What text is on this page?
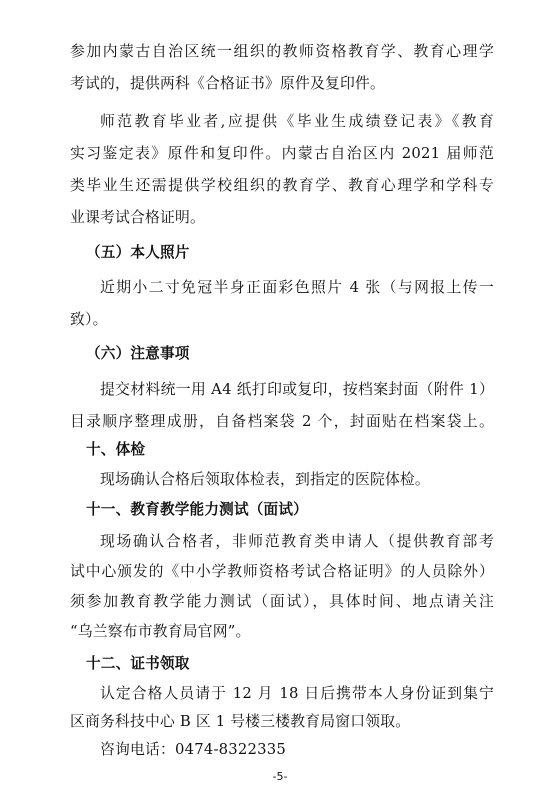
参加内蒙古自治区统一组织的教师资格教育学、教育心理学
考试的，提供两科《合格证书》原件及复印件。
师范教育毕业者,应提供《毕业生成绩登记表》《教育
实习鉴定表》原件和复印件。内蒙古自治区内 2021 届师范
类毕业生还需提供学校组织的教育学、教育心理学和学科专
业课考试合格证明。
（五）本人照片
近期小二寸免冠半身正面彩色照片 4 张（与网报上传一
致）。
（六）注意事项
提交材料统一用 A4 纸打印或复印，按档案封面（附件 1）
目录顺序整理成册，自备档案袋 2 个，封面贴在档案袋上。
十、体检
现场确认合格后领取体检表，到指定的医院体检。
十一、教育教学能力测试（面试）
现场确认合格者，非师范教育类申请人（提供教育部考
试中心颁发的《中小学教师资格考试合格证明》的人员除外）
须参加教育教学能力测试（面试），具体时间、地点请关注
“乌兰察布市教育局官网”。
十二、证书领取
认定合格人员请于 12 月 18 日后携带本人身份证到集宁
区商务科技中心 B 区 1 号楼三楼教育局窗口领取。
咨询电话：0474-8322335
-5-
